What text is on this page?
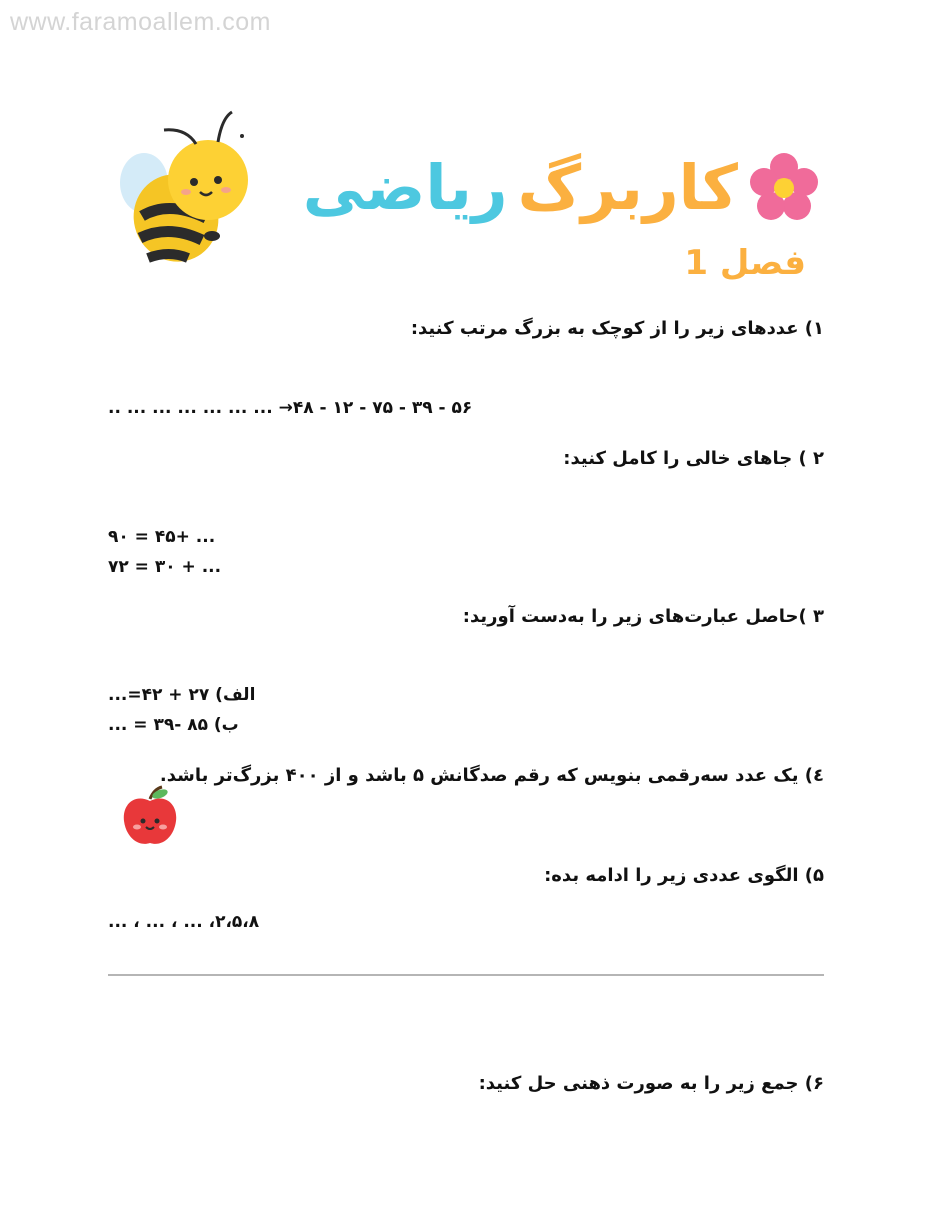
www.faramoallem.com
کاربرگ
ریاضی
فصل 1
۱) عددهای زیر را از کوچک به بزرگ مرتب کنید:
۵۶ - ۳۹ - ۷۵ - ۱۲ - ۴۸→ ... ... ... ... ... ... ..
۲ ) جاهای خالی را کامل کنید:
... +۴۵ = ۹۰
... + ۳۰ = ۷۲
۳ )حاصل عبارت‌های زیر را به‌دست آورید:
الف) ۲۷ + ۴۲=...
ب) ۸۵ -۳۹ = ...
٤) یک عدد سه‌رقمی بنویس که رقم صدگانش ۵ باشد و از ۴۰۰ بزرگ‌تر باشد.
۵) الگوی عددی زیر را ادامه بده:
۲،۵،۸، ... ، ... ، ...
۶) جمع زیر را به صورت ذهنی حل کنید:
